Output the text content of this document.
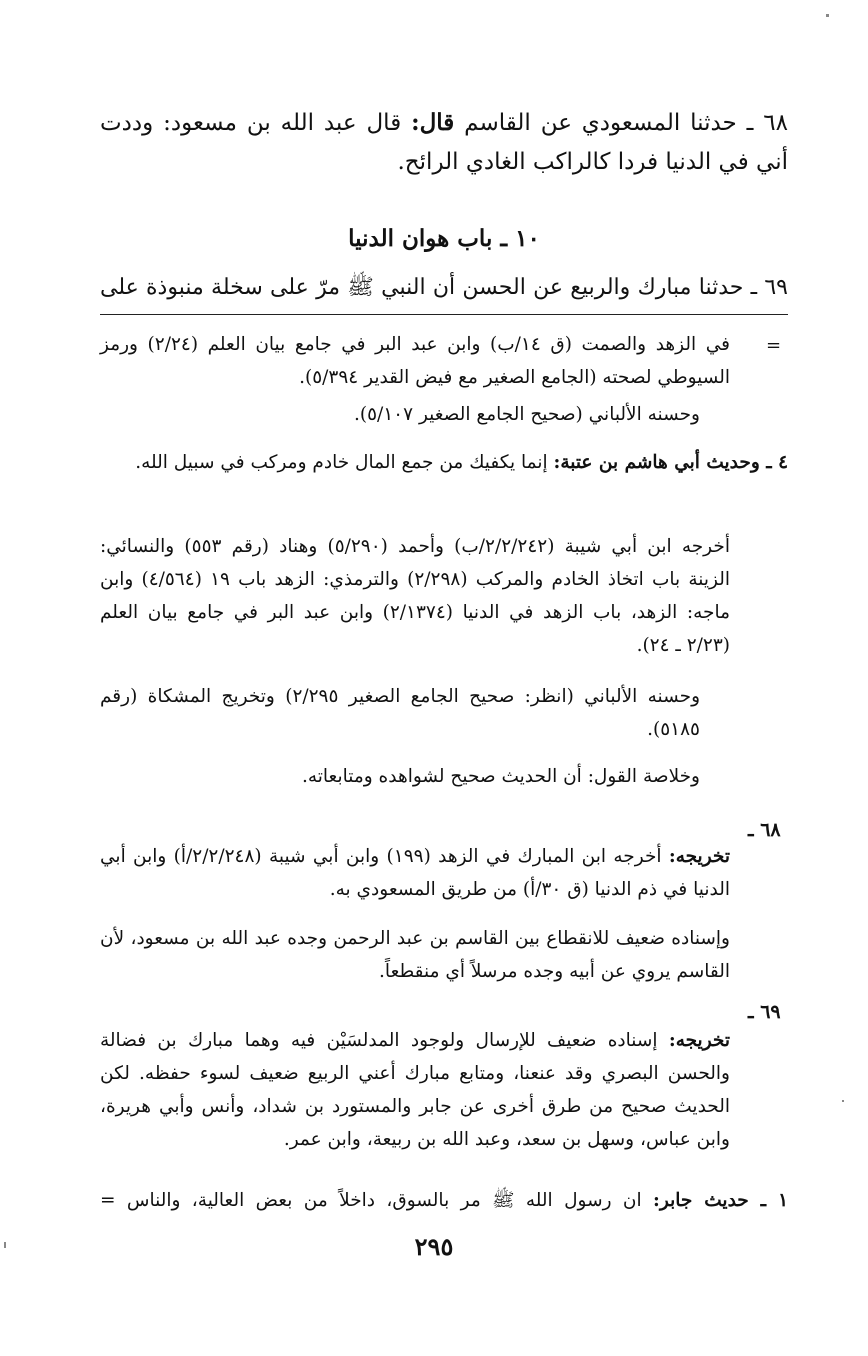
٦٨ ـ حدثنا المسعودي عن القاسم قال: قال عبد الله بن مسعود: وددت أني في الدنيا فردا كالراكب الغادي الرائح.

١٠ ـ باب هوان الدنيا

٦٩ ـ حدثنا مبارك والربيع عن الحسن أن النبي ﷺ مرّ على سخلة منبوذة على

=

في الزهد والصمت (ق ١٤/ب) وابن عبد البر في جامع بيان العلم (٢/٢٤) ورمز السيوطي لصحته (الجامع الصغير مع فيض القدير ٥/٣٩٤).

وحسنه الألباني (صحيح الجامع الصغير ٥/١٠٧).

٤ ـ وحديث أبي هاشم بن عتبة: إنما يكفيك من جمع المال خادم ومركب في سبيل الله.

أخرجه ابن أبي شيبة (٢/٢/٢٤٢/ب) وأحمد (٥/٢٩٠) وهناد (رقم ٥٥٣) والنسائي: الزينة باب اتخاذ الخادم والمركب (٢/٢٩٨) والترمذي: الزهد باب ١٩ (٤/٥٦٤) وابن ماجه: الزهد، باب الزهد في الدنيا (٢/١٣٧٤) وابن عبد البر في جامع بيان العلم (٢/٢٣ ـ ٢٤).

وحسنه الألباني (انظر: صحيح الجامع الصغير ٢/٢٩٥) وتخريج المشكاة (رقم ٥١٨٥).

وخلاصة القول: أن الحديث صحيح لشواهده ومتابعاته.

٦٨ ـ

تخريجه: أخرجه ابن المبارك في الزهد (١٩٩) وابن أبي شيبة (٢/٢/٢٤٨/أ) وابن أبي الدنيا في ذم الدنيا (ق ٣٠/أ) من طريق المسعودي به.

وإسناده ضعيف للانقطاع بين القاسم بن عبد الرحمن وجده عبد الله بن مسعود، لأن القاسم يروي عن أبيه وجده مرسلاً أي منقطعاً.

٦٩ ـ

تخريجه: إسناده ضعيف للإرسال ولوجود المدلسَيْن فيه وهما مبارك بن فضالة والحسن البصري وقد عنعنا، ومتابع مبارك أعني الربيع ضعيف لسوء حفظه. لكن الحديث صحيح من طرق أخرى عن جابر والمستورد بن شداد، وأنس وأبي هريرة، وابن عباس، وسهل بن سعد، وعبد الله بن ربيعة، وابن عمر.

١ ـ حديث جابر: ان رسول الله ﷺ مر بالسوق، داخلاً من بعض العالية، والناس =

٢٩٥
